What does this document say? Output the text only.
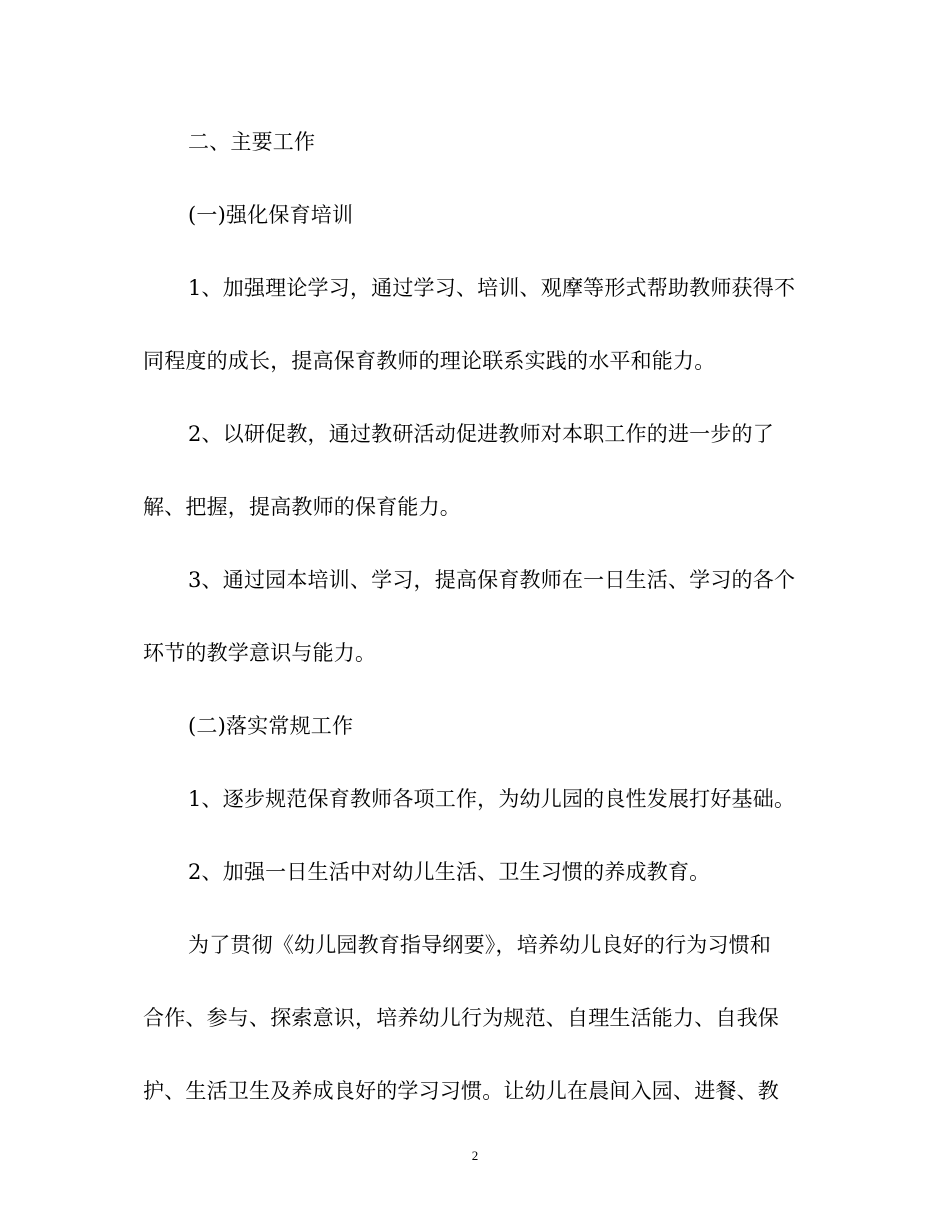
二、主要工作
(一)强化保育培训
1、加强理论学习，通过学习、培训、观摩等形式帮助教师获得不
同程度的成长，提高保育教师的理论联系实践的水平和能力。
2、以研促教，通过教研活动促进教师对本职工作的进一步的了
解、把握，提高教师的保育能力。
3、通过园本培训、学习，提高保育教师在一日生活、学习的各个
环节的教学意识与能力。
(二)落实常规工作
1、逐步规范保育教师各项工作，为幼儿园的良性发展打好基础。
2、加强一日生活中对幼儿生活、卫生习惯的养成教育。
为了贯彻《幼儿园教育指导纲要》，培养幼儿良好的行为习惯和
合作、参与、探索意识，培养幼儿行为规范、自理生活能力、自我保
护、生活卫生及养成良好的学习习惯。让幼儿在晨间入园、进餐、教
2
